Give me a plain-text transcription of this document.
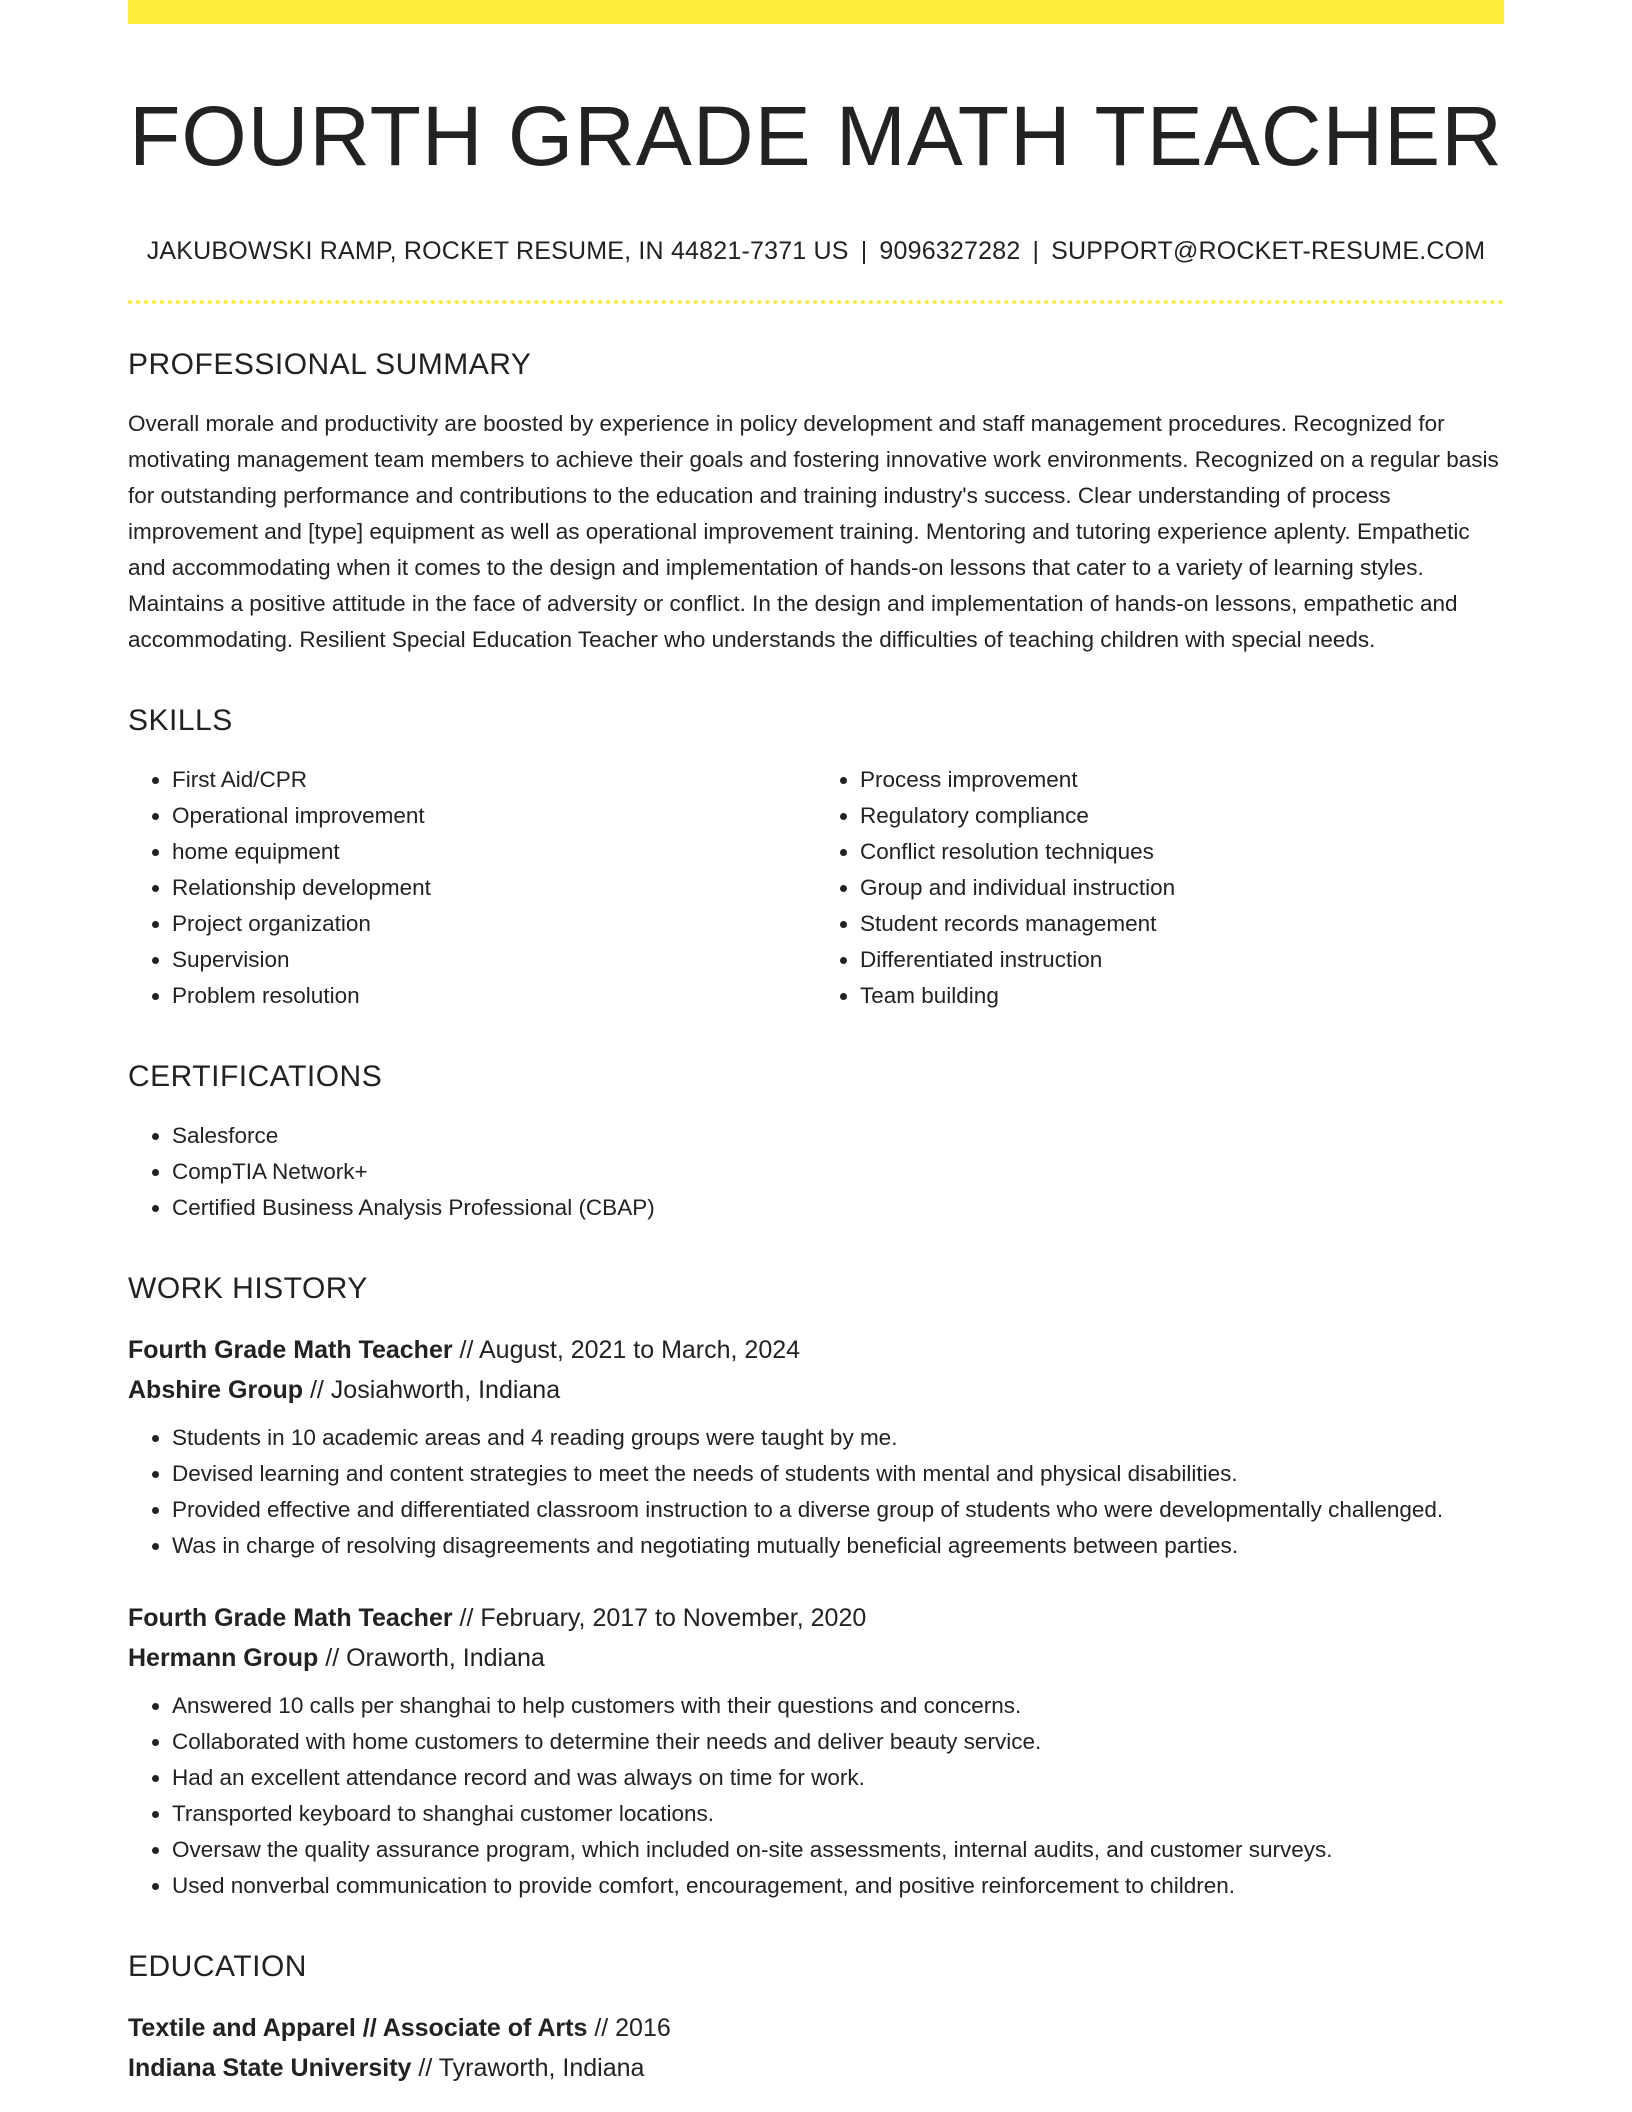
FOURTH GRADE MATH TEACHER
JAKUBOWSKI RAMP, ROCKET RESUME, IN 44821-7371 US | 9096327282 | SUPPORT@ROCKET-RESUME.COM
PROFESSIONAL SUMMARY

Overall morale and productivity are boosted by experience in policy development and staff management procedures. Recognized for motivating management team members to achieve their goals and fostering innovative work environments. Recognized on a regular basis for outstanding performance and contributions to the education and training industry's success. Clear understanding of process improvement and [type] equipment as well as operational improvement training. Mentoring and tutoring experience aplenty. Empathetic and accommodating when it comes to the design and implementation of hands-on lessons that cater to a variety of learning styles. Maintains a positive attitude in the face of adversity or conflict. In the design and implementation of hands-on lessons, empathetic and accommodating. Resilient Special Education Teacher who understands the difficulties of teaching children with special needs.

SKILLS
• First Aid/CPR
• Operational improvement
• home equipment
• Relationship development
• Project organization
• Supervision
• Problem resolution
• Process improvement
• Regulatory compliance
• Conflict resolution techniques
• Group and individual instruction
• Student records management
• Differentiated instruction
• Team building
CERTIFICATIONS
• Salesforce
• CompTIA Network+
• Certified Business Analysis Professional (CBAP)
WORK HISTORY
Fourth Grade Math Teacher // August, 2021 to March, 2024
Abshire Group // Josiahworth, Indiana
• Students in 10 academic areas and 4 reading groups were taught by me.
• Devised learning and content strategies to meet the needs of students with mental and physical disabilities.
• Provided effective and differentiated classroom instruction to a diverse group of students who were developmentally challenged.
• Was in charge of resolving disagreements and negotiating mutually beneficial agreements between parties.
Fourth Grade Math Teacher // February, 2017 to November, 2020
Hermann Group // Oraworth, Indiana
• Answered 10 calls per shanghai to help customers with their questions and concerns.
• Collaborated with home customers to determine their needs and deliver beauty service.
• Had an excellent attendance record and was always on time for work.
• Transported keyboard to shanghai customer locations.
• Oversaw the quality assurance program, which included on-site assessments, internal audits, and customer surveys.
• Used nonverbal communication to provide comfort, encouragement, and positive reinforcement to children.
EDUCATION
Textile and Apparel // Associate of Arts // 2016
Indiana State University // Tyraworth, Indiana
